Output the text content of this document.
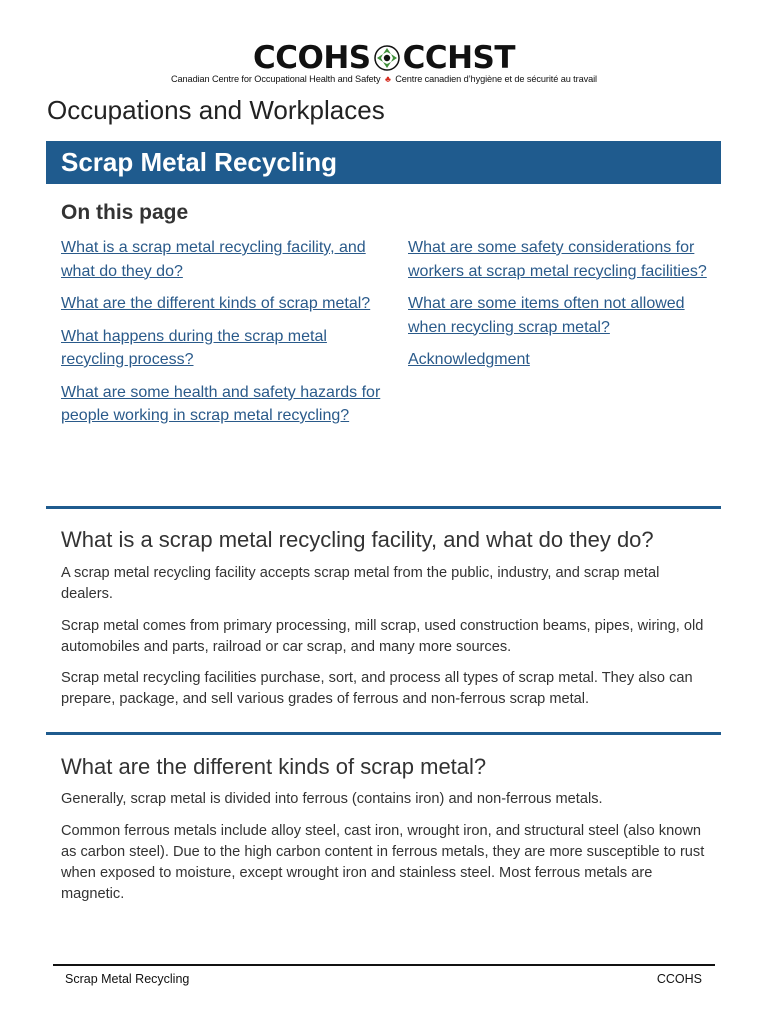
CCOHS CCHST
Canadian Centre for Occupational Health and Safety ♣ Centre canadien d’hygiène et de sécurité au travail
Occupations and Workplaces
Scrap Metal Recycling
On this page
What is a scrap metal recycling facility, and what do they do?
What are the different kinds of scrap metal?
What happens during the scrap metal recycling process?
What are some health and safety hazards for people working in scrap metal recycling?
What are some safety considerations for workers at scrap metal recycling facilities?
What are some items often not allowed when recycling scrap metal?
Acknowledgment
What is a scrap metal recycling facility, and what do they do?

A scrap metal recycling facility accepts scrap metal from the public, industry, and scrap metal dealers.

Scrap metal comes from primary processing, mill scrap, used construction beams, pipes, wiring, old automobiles and parts, railroad or car scrap, and many more sources.

Scrap metal recycling facilities purchase, sort, and process all types of scrap metal. They also can prepare, package, and sell various grades of ferrous and non-ferrous scrap metal.

What are the different kinds of scrap metal?

Generally, scrap metal is divided into ferrous (contains iron) and non-ferrous metals.

Common ferrous metals include alloy steel, cast iron, wrought iron, and structural steel (also known as carbon steel). Due to the high carbon content in ferrous metals, they are more susceptible to rust when exposed to moisture, except wrought iron and stainless steel. Most ferrous metals are magnetic.

Scrap Metal Recycling	CCOHS
